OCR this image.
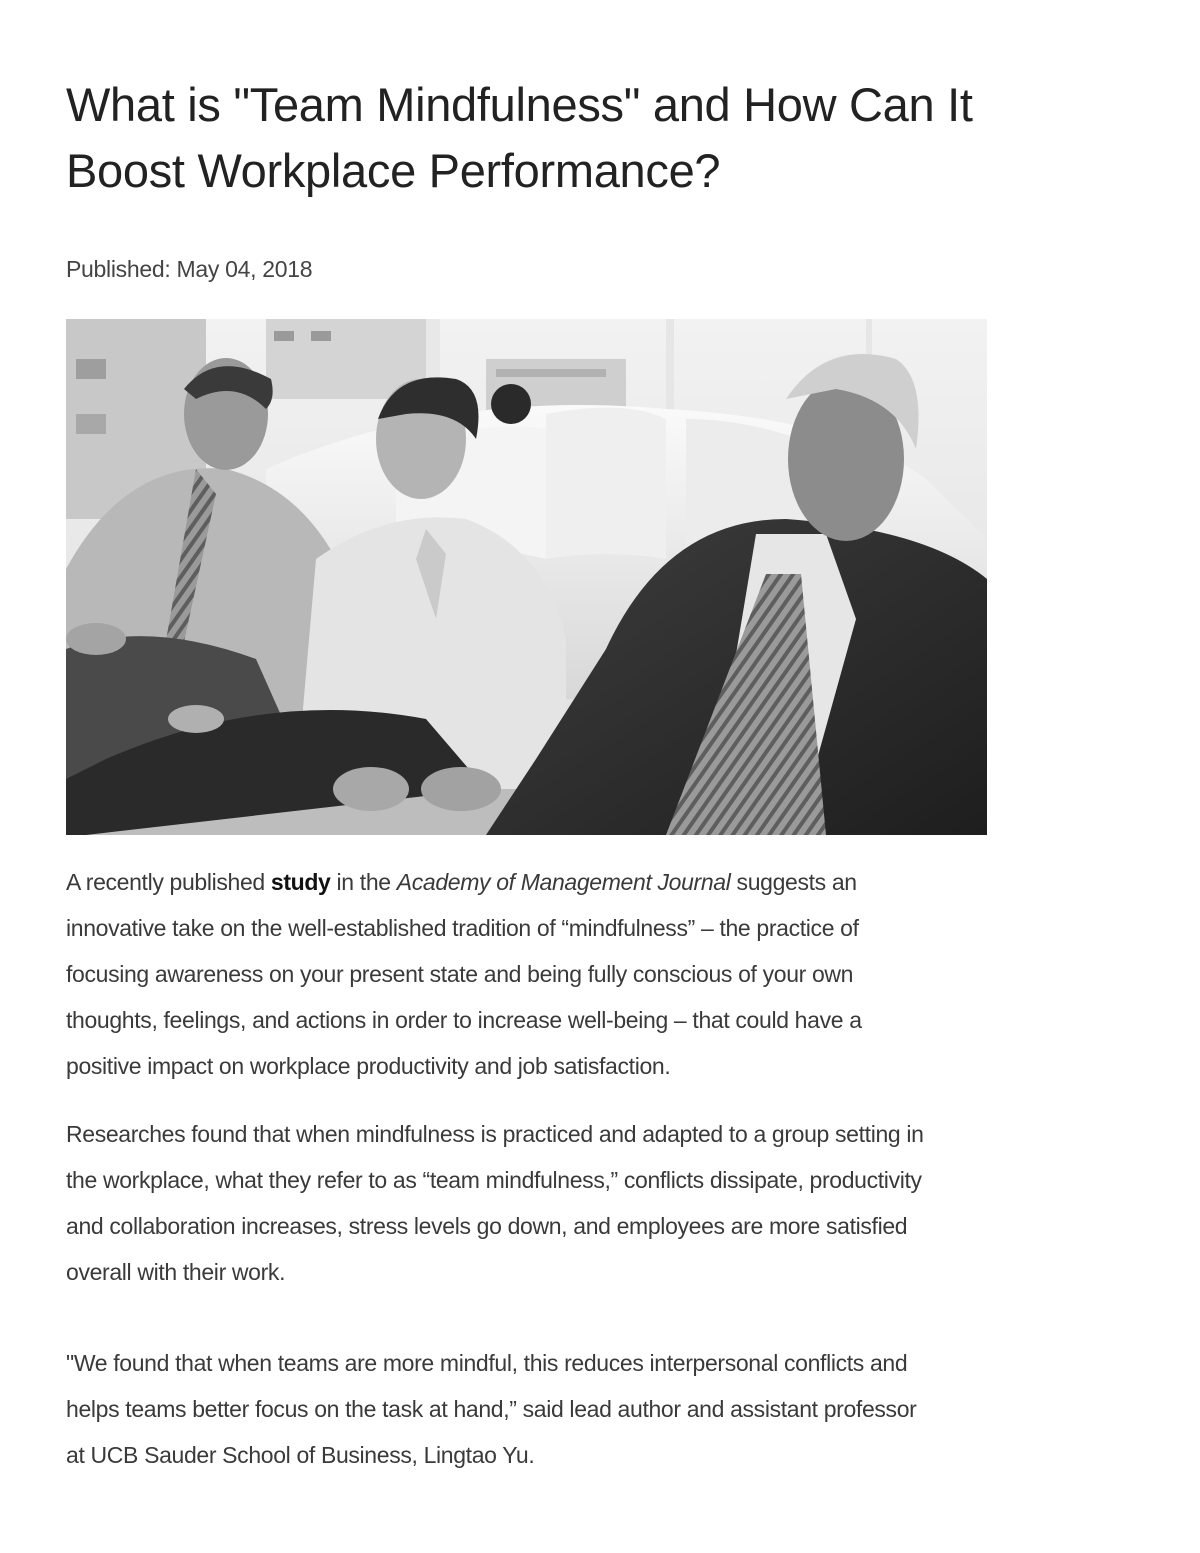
What is "Team Mindfulness" and How Can It
Boost Workplace Performance?
Published: May 04, 2018

A recently published study in the Academy of Management Journal suggests an
innovative take on the well-established tradition of “mindfulness” – the practice of
focusing awareness on your present state and being fully conscious of your own
thoughts, feelings, and actions in order to increase well-being – that could have a
positive impact on workplace productivity and job satisfaction.

Researches found that when mindfulness is practiced and adapted to a group setting in
the workplace, what they refer to as “team mindfulness,” conflicts dissipate, productivity
and collaboration increases, stress levels go down, and employees are more satisfied
overall with their work.

"We found that when teams are more mindful, this reduces interpersonal conflicts and
helps teams better focus on the task at hand,” said lead author and assistant professor
at UCB Sauder School of Business, Lingtao Yu.
